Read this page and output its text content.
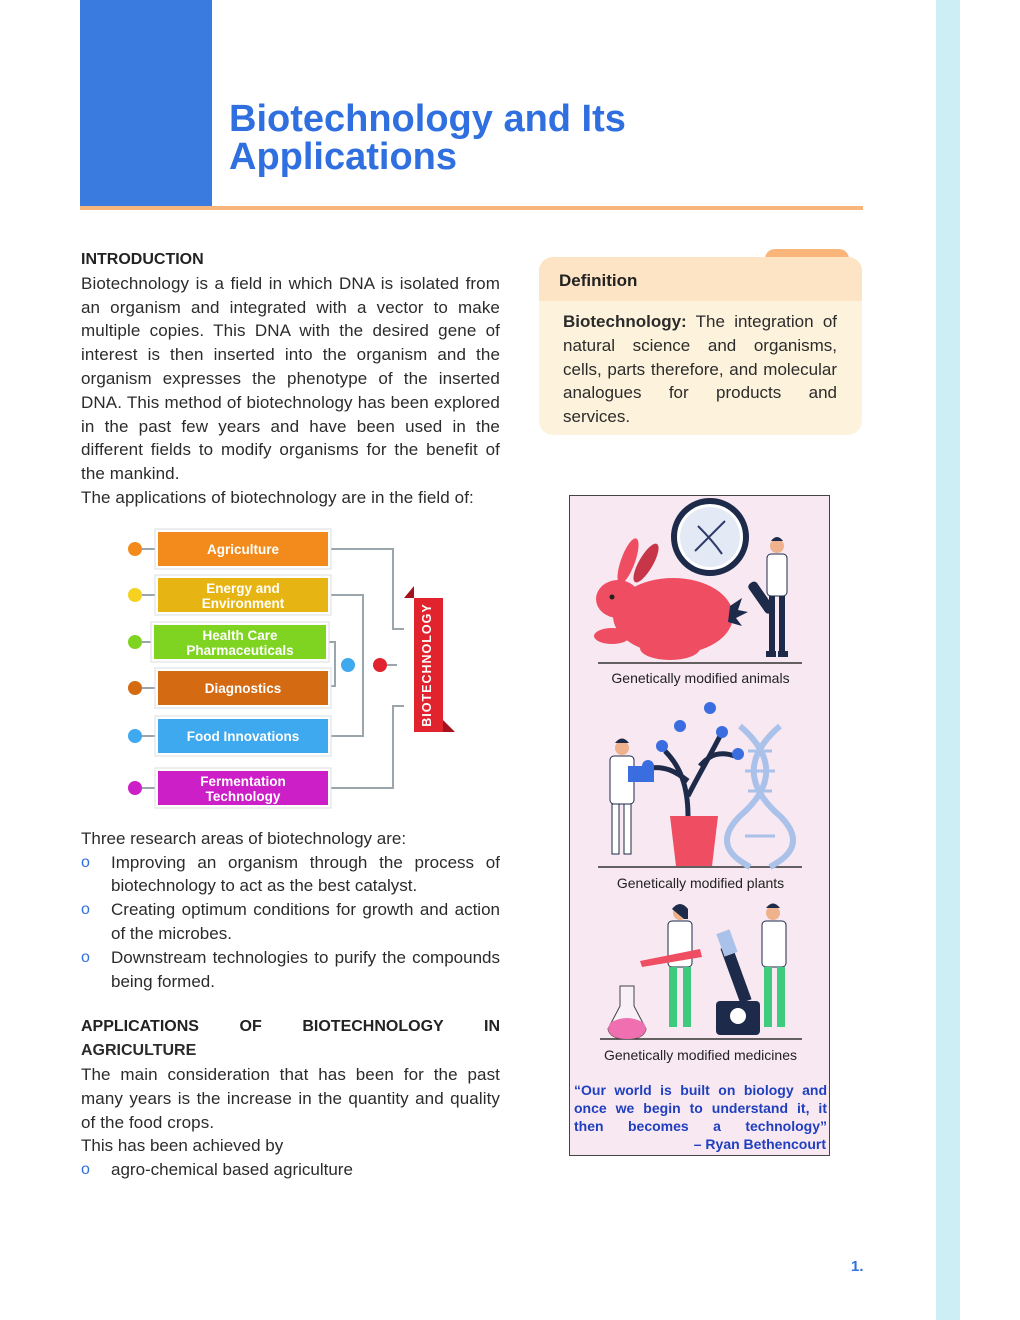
Biotechnology and Its
Applications

INTRODUCTION

Biotechnology is a field in which DNA is isolated from an organism and integrated with a vector to make multiple copies. This DNA with the desired gene of interest is then inserted into the organism and the organism expresses the phenotype of the inserted DNA. This method of biotechnology has been explored in the past few years and have been used in the different fields to modify organisms for the benefit of the mankind.

The applications of biotechnology are in the field of:

BIOTECHNOLOGY
Agriculture
Energy and
Environment
Health Care
Pharmaceuticals
Diagnostics
Food Innovations
Fermentation
Technology

Three research areas of biotechnology are:

o Improving an organism through the process of biotechnology to act as the best catalyst.
o Creating optimum conditions for growth and action of the microbes.
o Downstream technologies to purify the compounds being formed.

APPLICATIONS OF BIOTECHNOLOGY IN

AGRICULTURE

The main consideration that has been for the past many years is the increase in the quantity and quality of the food crops.

This has been achieved by

o agro-chemical based agriculture
Definition

Biotechnology: The integration of natural science and organisms, cells, parts therefore, and molecular analogues for products and services.

Genetically modified animals

Genetically modified plants

Genetically modified medicines

“Our world is built on biology and once we begin to understand it, it then becomes a technology”

– Ryan Bethencourt

1.
